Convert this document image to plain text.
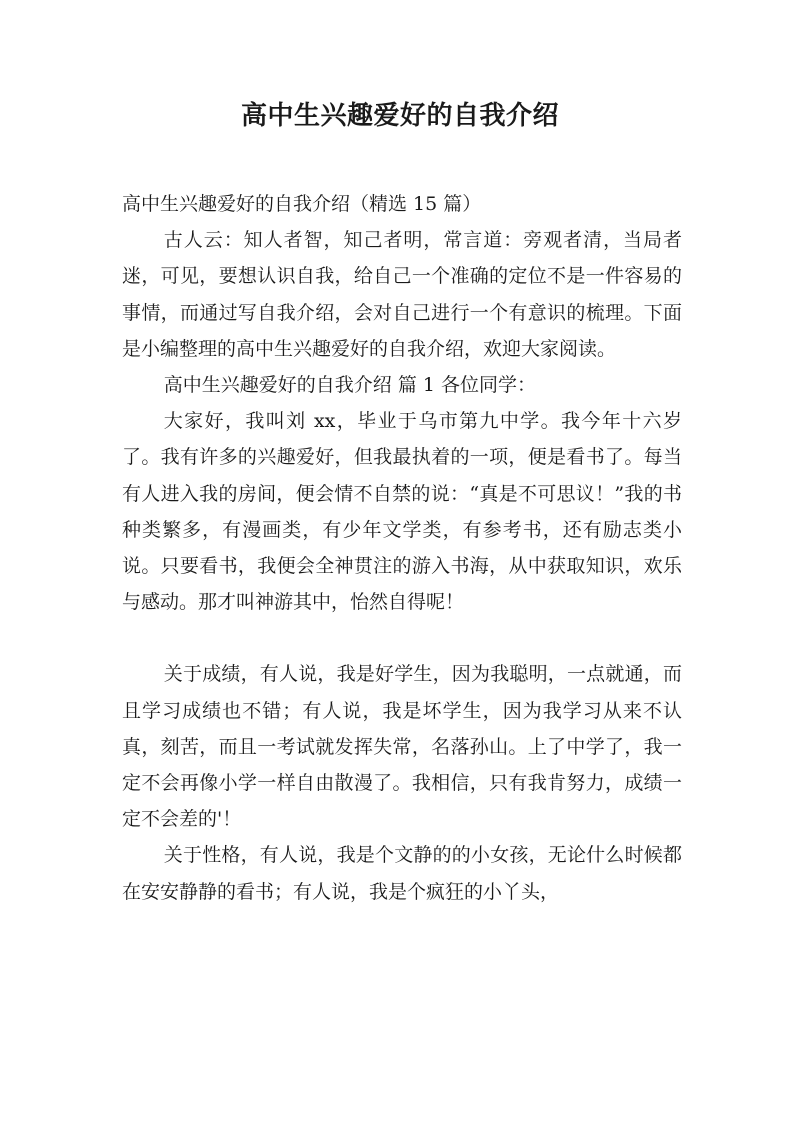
高中生兴趣爱好的自我介绍

高中生兴趣爱好的自我介绍（精选 15 篇）

古人云：知人者智，知己者明，常言道：旁观者清，当局者迷，可见，要想认识自我，给自己一个准确的定位不是一件容易的事情，而通过写自我介绍，会对自己进行一个有意识的梳理。下面是小编整理的高中生兴趣爱好的自我介绍，欢迎大家阅读。

高中生兴趣爱好的自我介绍 篇 1 各位同学：

大家好，我叫刘 xx，毕业于乌市第九中学。我今年十六岁了。我有许多的兴趣爱好，但我最执着的一项，便是看书了。每当有人进入我的房间，便会情不自禁的说：“真是不可思议！”我的书种类繁多，有漫画类，有少年文学类，有参考书，还有励志类小说。只要看书，我便会全神贯注的游入书海，从中获取知识，欢乐与感动。那才叫神游其中，怡然自得呢！

关于成绩，有人说，我是好学生，因为我聪明，一点就通，而且学习成绩也不错；有人说，我是坏学生，因为我学习从来不认真，刻苦，而且一考试就发挥失常，名落孙山。上了中学了，我一定不会再像小学一样自由散漫了。我相信，只有我肯努力，成绩一定不会差的'！

关于性格，有人说，我是个文静的的小女孩，无论什么时候都在安安静静的看书；有人说，我是个疯狂的小丫头，
